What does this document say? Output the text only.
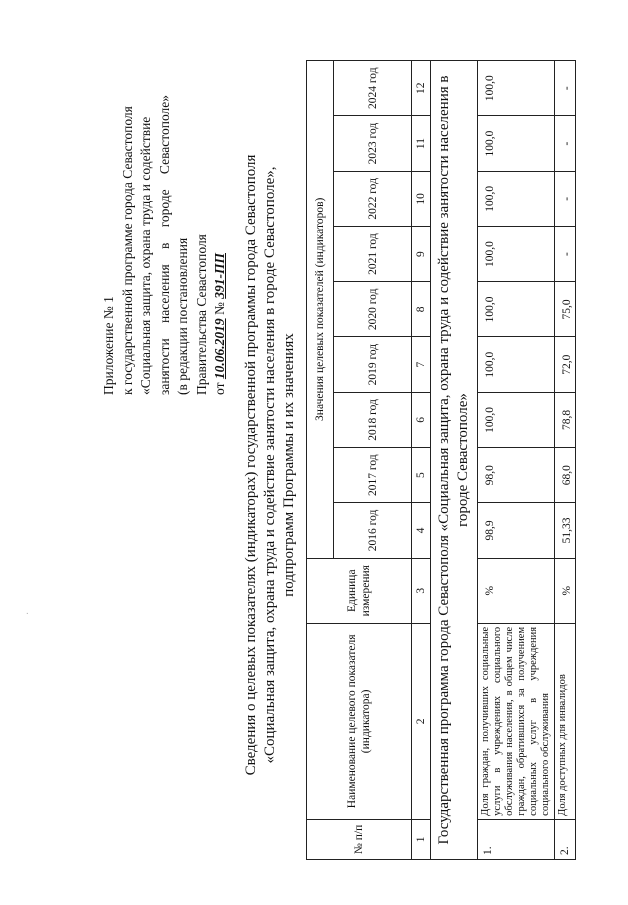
Приложение № 1 к государственной программе города Севастополя «Социальная защита, охрана труда и содействие занятости населения в городе Севастополе» (в редакции постановления Правительства Севастополя от 10.06.2019 № 391-ПП Сведения о целевых показателях (индикаторах) государственной программы города Севастополя «Социальная защита, охрана труда и содействие занятости населения в городе Севастополе», подпрограмм Программы и их значениях
№ п/п	Наименование целевого показателя (индикатора)	Единица измерения	Значения целевых показателей (индикаторов)								
			2016 год	2017 год	2018 год	2019 год	2020 год	2021 год	2022 год	2023 год	2024 год
1	2	3	4	5	6	7	8	9	10	11	12
Государственная программа города Севастополя «Социальная защита, охрана труда и содействие занятости населения в городе Севастополе»											
1.	Доля граждан, получивших социальные услуги в учреждениях социального обслуживания населения, в общем числе граждан, обратившихся за получением социальных услуг в учреждения социального обслуживания	%	98,9	98,0	100,0	100,0	100,0	100,0	100,0	100,0	100,0
2.	Доля доступных для инвалидов	%	51,33	68,0	78,8	72,0	75,0	-	-	-	-
.
